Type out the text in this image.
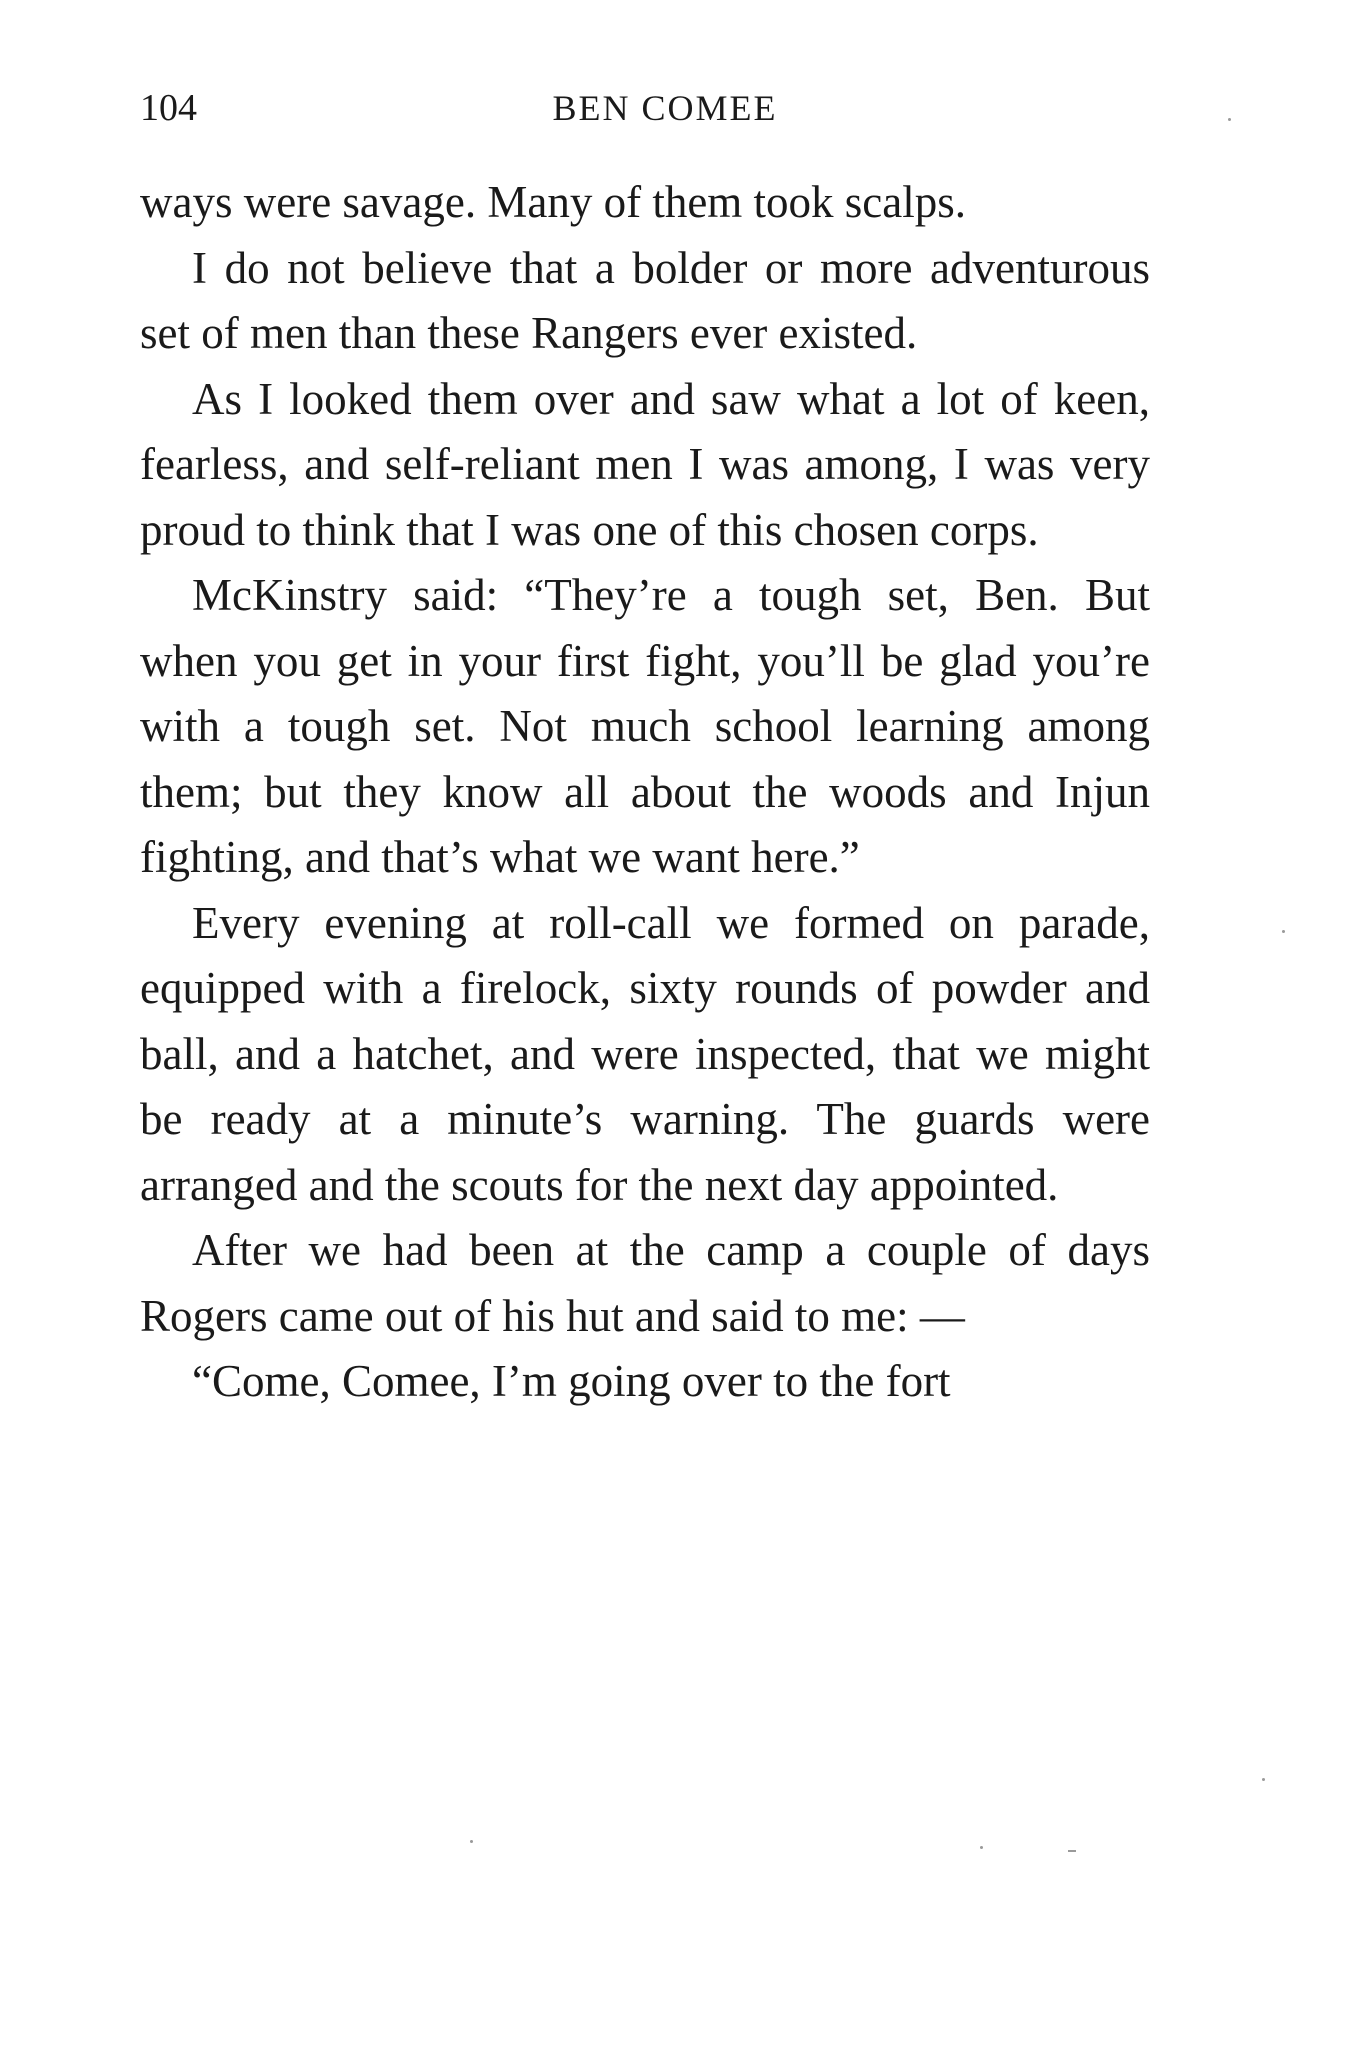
104	BEN COMEE

ways were savage. Many of them took scalps.

I do not believe that a bolder or more adventurous set of men than these Rangers ever existed.

As I looked them over and saw what a lot of keen, fearless, and self-reliant men I was among, I was very proud to think that I was one of this chosen corps.

McKinstry said: “They’re a tough set, Ben. But when you get in your first fight, you’ll be glad you’re with a tough set. Not much school learning among them; but they know all about the woods and Injun fighting, and that’s what we want here.”

Every evening at roll-call we formed on parade, equipped with a firelock, sixty rounds of powder and ball, and a hatchet, and were inspected, that we might be ready at a minute’s warning. The guards were arranged and the scouts for the next day appointed.

After we had been at the camp a couple of days Rogers came out of his hut and said to me: —

“Come, Comee, I’m going over to the fort
